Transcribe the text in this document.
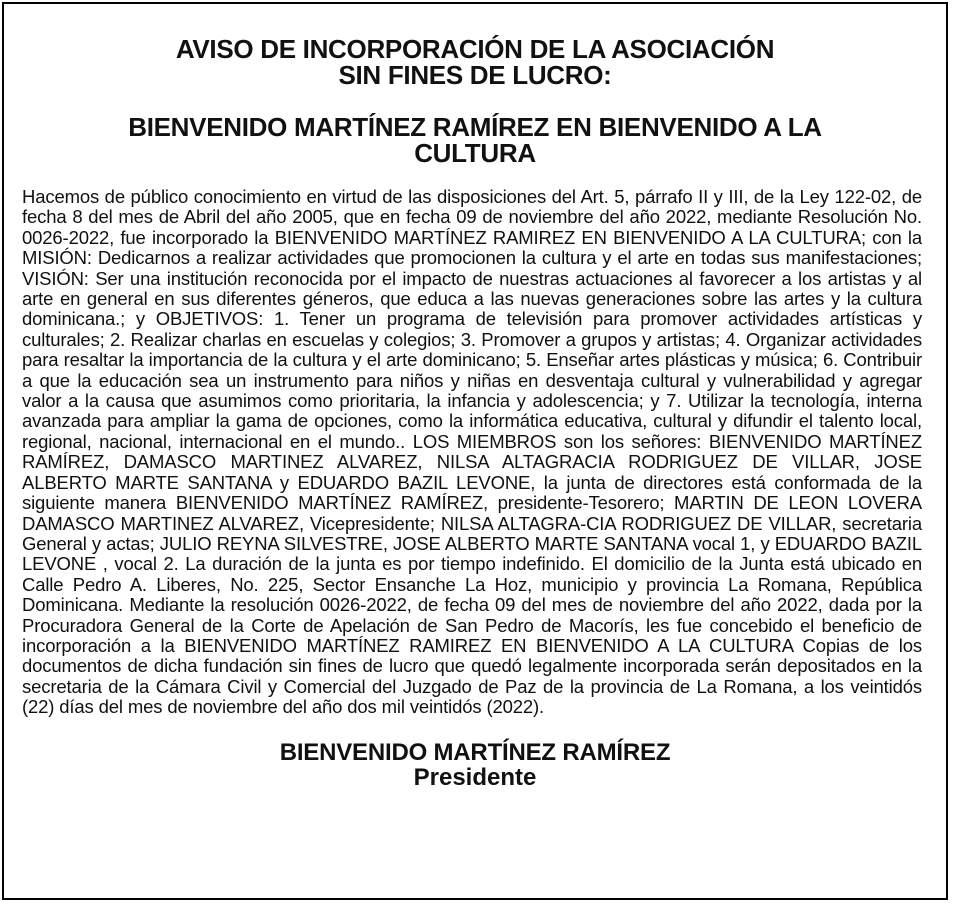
AVISO DE INCORPORACIÓN DE LA ASOCIACIÓN
SIN FINES DE LUCRO:
BIENVENIDO MARTÍNEZ RAMÍREZ EN BIENVENIDO A LA
CULTURA
Hacemos de público conocimiento en virtud de las disposiciones del Art. 5, párrafo II y III, de la Ley 122-02, de fecha 8 del mes de Abril del año 2005, que en fecha 09 de noviembre del año 2022, mediante Resolución No. 0026-2022, fue incorporado la BIENVENIDO MARTÍNEZ RAMIREZ EN BIENVENIDO A LA CULTURA; con la MISIÓN: Dedicarnos a realizar actividades que promocionen la cultura y el arte en todas sus manifestaciones; VISIÓN: Ser una institución reconocida por el impacto de nuestras actuaciones al favorecer a los artistas y al arte en general en sus diferentes géneros, que educa a las nuevas generaciones sobre las artes y la cultura dominicana.; y OBJETIVOS: 1. Tener un programa de televisión para promover actividades artísticas y culturales; 2. Realizar charlas en escuelas y colegios; 3. Promover a grupos y artistas; 4. Organizar actividades para resaltar la importancia de la cultura y el arte dominicano; 5. Enseñar artes plásticas y música; 6. Contribuir a que la educación sea un instrumento para niños y niñas en desventaja cultural y vulnerabilidad y agregar valor a la causa que asumimos como prioritaria, la infancia y adolescencia; y 7. Utilizar la tecnología, interna avanzada para ampliar la gama de opciones, como la informática educativa, cultural y difundir el talento local, regional, nacional, internacional en el mundo.. LOS MIEMBROS son los señores: BIENVENIDO MARTÍNEZ RAMÍREZ, DAMASCO MARTINEZ ALVAREZ, NILSA ALTAGRACIA RODRIGUEZ DE VILLAR, JOSE ALBERTO MARTE SANTANA y EDUARDO BAZIL LEVONE, la junta de directores está conformada de la siguiente manera BIENVENIDO MARTÍNEZ RAMÍREZ, presidente-Tesorero; MARTIN DE LEON LOVERA DAMASCO MARTINEZ ALVAREZ, Vicepresidente; NILSA ALTAGRA-CIA RODRIGUEZ DE VILLAR, secretaria General y actas; JULIO REYNA SILVESTRE, JOSE ALBERTO MARTE SANTANA vocal 1, y EDUARDO BAZIL LEVONE , vocal 2. La duración de la junta es por tiempo indefinido. El domicilio de la Junta está ubicado en Calle Pedro A. Liberes, No. 225, Sector Ensanche La Hoz, municipio y provincia La Romana, República Dominicana. Mediante la resolución 0026-2022, de fecha 09 del mes de noviembre del año 2022, dada por la Procuradora General de la Corte de Apelación de San Pedro de Macorís, les fue concebido el beneficio de incorporación a la BIENVENIDO MARTÍNEZ RAMIREZ EN BIENVENIDO A LA CULTURA Copias de los documentos de dicha fundación sin fines de lucro que quedó legalmente incorporada serán depositados en la secretaria de la Cámara Civil y Comercial del Juzgado de Paz de la provincia de La Romana, a los veintidós (22) días del mes de noviembre del año dos mil veintidós (2022).
BIENVENIDO MARTÍNEZ RAMÍREZ
Presidente
